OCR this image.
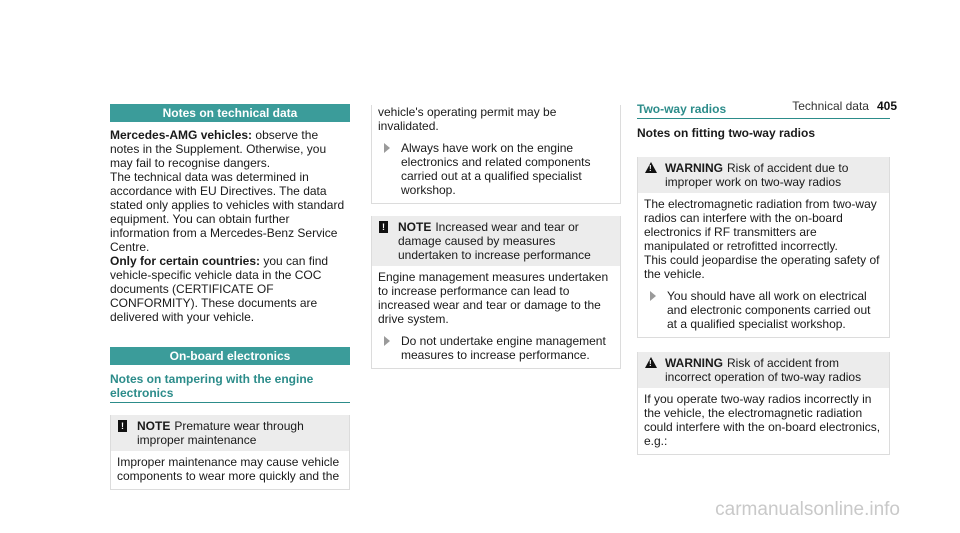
Technical data 405
Notes on technical data

Mercedes-AMG vehicles: observe the notes in the Supplement. Otherwise, you may fail to recognise dangers.

The technical data was determined in accordance with EU Directives. The data stated only applies to vehicles with standard equipment. You can obtain further information from a Mercedes-Benz Service Centre.

Only for certain countries: you can find vehicle-specific vehicle data in the COC documents (CERTIFICATE OF CONFORMITY). These documents are delivered with your vehicle.

On-board electronics
Notes on tampering with the engine electronics
! NOTE Premature wear through improper maintenance

Improper maintenance may cause vehicle components to wear more quickly and the

vehicle's operating permit may be invalidated.

Always have work on the engine electronics and related components carried out at a qualified specialist workshop.

! NOTE Increased wear and tear or damage caused by measures undertaken to increase performance

Engine management measures undertaken to increase performance can lead to increased wear and tear or damage to the drive system.

Do not undertake engine management measures to increase performance.

Two-way radios
Notes on fitting two-way radios
!

WARNING Risk of accident due to improper work on two-way radios

The electromagnetic radiation from two-way radios can interfere with the on-board electronics if RF transmitters are manipulated or retrofitted incorrectly.

This could jeopardise the operating safety of the vehicle.

You should have all work on electrical and electronic components carried out at a qualified specialist workshop.

!

WARNING Risk of accident from incorrect operation of two-way radios

If you operate two-way radios incorrectly in the vehicle, the electromagnetic radiation could interfere with the on-board electronics, e.g.:

carmanualsonline.info
